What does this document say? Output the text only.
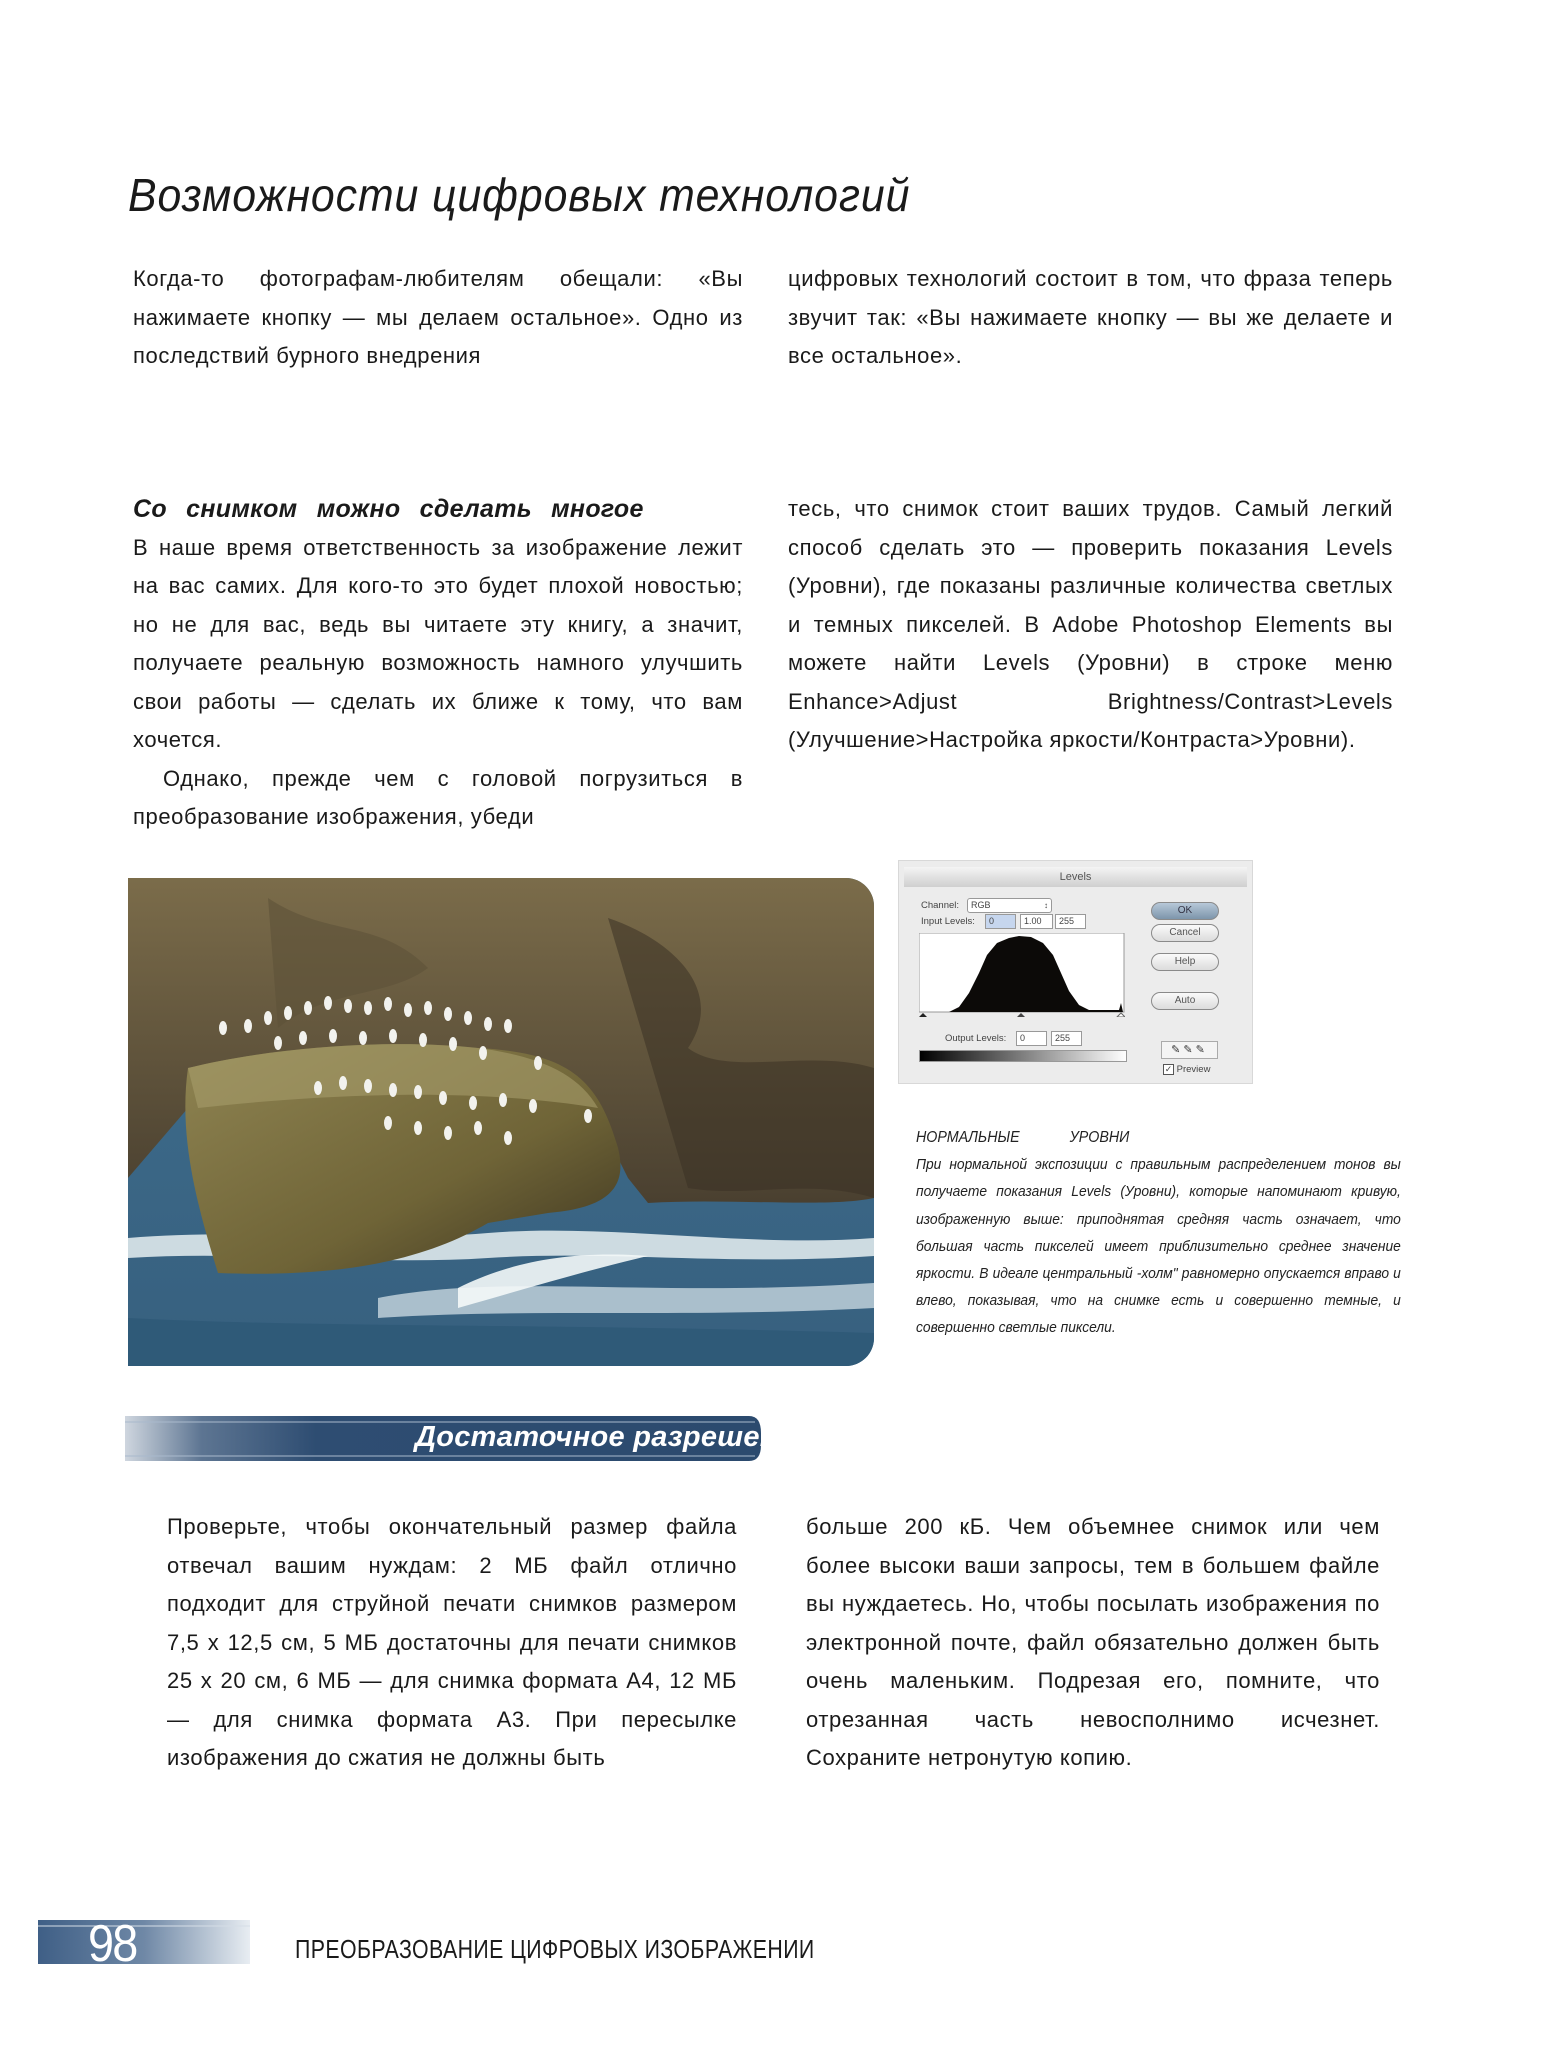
Возможности цифровых технологий

Когда-то фотографам-любителям обещали: «Вы нажимаете кнопку — мы делаем остальное». Одно из последствий бурного внедрения

цифровых технологий состоит в том, что фраза теперь звучит так: «Вы нажимаете кнопку — вы же делаете и все остальное».

Со снимком можно сделать многое

В наше время ответственность за изображение лежит на вас самих. Для кого-то это будет плохой новостью; но не для вас, ведь вы читаете эту книгу, а значит, получаете реальную возможность намного улучшить свои работы — сделать их ближе к тому, что вам хочется.

Однако, прежде чем с головой погрузиться в преобразование изображения, убеди

тесь, что снимок стоит ваших трудов. Самый легкий способ сделать это — проверить показания Levels (Уровни), где показаны различные количества светлых и темных пикселей. В Adobe Photoshop Elements вы можете найти Levels (Уровни) в строке меню Enhance>Adjust Brightness/Contrast>Levels (Улучшение>Настройка яркости/Контраста>Уровни).

Levels
Channel:	RGB	↕
Input Levels:	0	1.00	255
Output Levels:	0	255
OK
Cancel
Help
Auto
✎✎✎
✓ Preview
НОРМАЛЬНЫЕ УРОВНИ
При нормальной экспозиции с правильным распределением тонов вы получаете показания Levels (Уровни), которые напоминают кривую, изображенную выше: приподнятая средняя часть означает, что большая часть пикселей имеет приблизительно среднее значение яркости. В идеале центральный -холм" равномерно опускается вправо и влево, показывая, что на снимке есть и совершенно темные, и совершенно светлые пиксели.
Достаточное разрешение

Проверьте, чтобы окончательный размер файла отвечал вашим нуждам: 2 МБ файл отлично подходит для струйной печати снимков размером 7,5 х 12,5 см, 5 МБ достаточны для печати снимков 25 х 20 см, 6 МБ — для снимка формата А4, 12 МБ — для снимка формата А3. При пересылке изображения до сжатия не должны быть

больше 200 кБ. Чем объемнее снимок или чем более высоки ваши запросы, тем в большем файле вы нуждаетесь. Но, чтобы посылать изображения по электронной почте, файл обязательно должен быть очень маленьким. Подрезая его, помните, что отрезанная часть невосполнимо исчезнет. Сохраните нетронутую копию.

98	ПРЕОБРАЗОВАНИЕ ЦИФРОВЫХ ИЗОБРАЖЕНИИ
